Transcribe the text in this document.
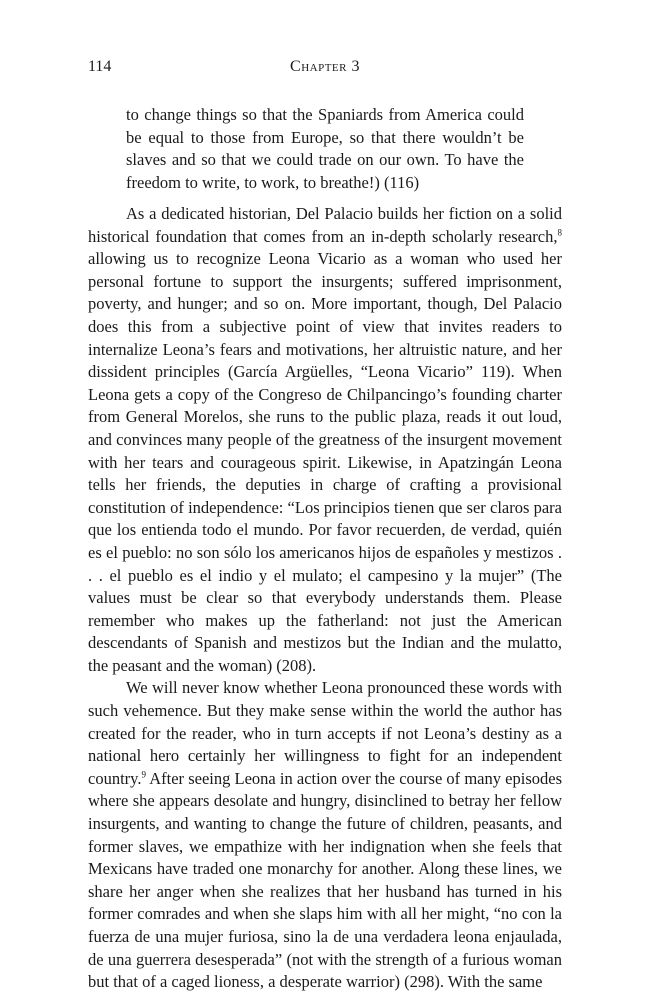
114	Chapter 3

to change things so that the Spaniards from America could be equal to those from Europe, so that there wouldn’t be slaves and so that we could trade on our own. To have the freedom to write, to work, to breathe!) (116)

As a dedicated historian, Del Palacio builds her fiction on a solid historical foundation that comes from an in-depth scholarly research,$^8$ allowing us to recognize Leona Vicario as a woman who used her personal fortune to support the insurgents; suffered imprisonment, poverty, and hunger; and so on. More important, though, Del Palacio does this from a subjective point of view that invites readers to internalize Leona’s fears and motivations, her altruistic nature, and her dissident principles (García Argüelles, “Leona Vicario” 119). When Leona gets a copy of the Congreso de Chilpancingo’s founding charter from General Morelos, she runs to the public plaza, reads it out loud, and convinces many people of the greatness of the insurgent movement with her tears and courageous spirit. Likewise, in Apatzingán Leona tells her friends, the deputies in charge of crafting a provisional constitution of independence: “Los principios tienen que ser claros para que los entienda todo el mundo. Por favor recuerden, de verdad, quién es el pueblo: no son sólo los americanos hijos de españoles y mestizos . . . el pueblo es el indio y el mulato; el campesino y la mujer” (The values must be clear so that everybody understands them. Please remember who makes up the fatherland: not just the American descendants of Spanish and mestizos but the Indian and the mulatto, the peasant and the woman) (208).

We will never know whether Leona pronounced these words with such vehemence. But they make sense within the world the author has created for the reader, who in turn accepts if not Leona’s destiny as a national hero certainly her willingness to fight for an independent country.$^9$ After seeing Leona in action over the course of many episodes where she appears desolate and hungry, disinclined to betray her fellow insurgents, and wanting to change the future of children, peasants, and former slaves, we empathize with her indignation when she feels that Mexicans have traded one monarchy for another. Along these lines, we share her anger when she realizes that her husband has turned in his former comrades and when she slaps him with all her might, “no con la fuerza de una mujer furiosa, sino la de una verdadera leona enjaulada, de una guerrera desesperada” (not with the strength of a furious woman but that of a caged lioness, a desperate warrior) (298). With the same
